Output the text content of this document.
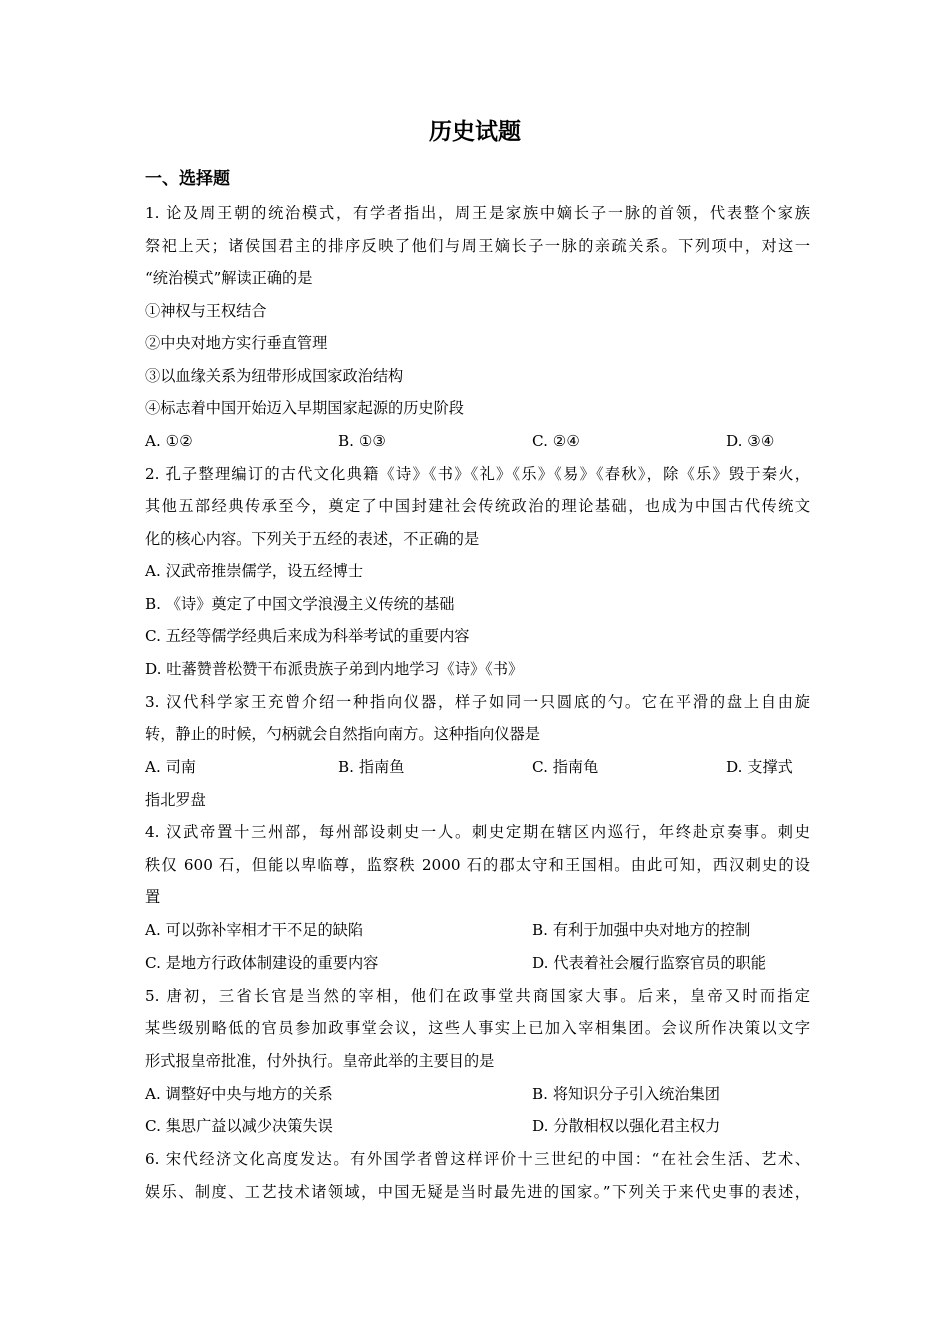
历史试题
一、选择题
1. 论及周王朝的统治模式，有学者指出，周王是家族中嫡长子一脉的首领，代表整个家族
祭祀上天；诸侯国君主的排序反映了他们与周王嫡长子一脉的亲疏关系。下列项中，对这一
“统治模式”解读正确的是
①神权与王权结合
②中央对地方实行垂直管理
③以血缘关系为纽带形成国家政治结构
④标志着中国开始迈入早期国家起源的历史阶段
A. ①②	B. ①③	C. ②④	D. ③④
2. 孔子整理编订的古代文化典籍《诗》《书》《礼》《乐》《易》《春秋》，除《乐》毁于秦火，
其他五部经典传承至今，奠定了中国封建社会传统政治的理论基础，也成为中国古代传统文
化的核心内容。下列关于五经的表述，不正确的是
A. 汉武帝推崇儒学，设五经博士
B. 《诗》奠定了中国文学浪漫主义传统的基础
C. 五经等儒学经典后来成为科举考试的重要内容
D. 吐蕃赞普松赞干布派贵族子弟到内地学习《诗》《书》
3. 汉代科学家王充曾介绍一种指向仪器，样子如同一只圆底的勺。它在平滑的盘上自由旋
转，静止的时候，勺柄就会自然指向南方。这种指向仪器是
A. 司南	B. 指南鱼	C. 指南龟	D. 支撑式
指北罗盘
4. 汉武帝置十三州部，每州部设刺史一人。刺史定期在辖区内巡行，年终赴京奏事。刺史
秩仅 600 石，但能以卑临尊，监察秩 2000 石的郡太守和王国相。由此可知，西汉刺史的设
置
A. 可以弥补宰相才干不足的缺陷	B. 有利于加强中央对地方的控制
C. 是地方行政体制建设的重要内容	D. 代表着社会履行监察官员的职能
5. 唐初，三省长官是当然的宰相，他们在政事堂共商国家大事。后来，皇帝又时而指定
某些级别略低的官员参加政事堂会议，这些人事实上已加入宰相集团。会议所作决策以文字
形式报皇帝批准，付外执行。皇帝此举的主要目的是
A. 调整好中央与地方的关系	B. 将知识分子引入统治集团
C. 集思广益以减少决策失误	D. 分散相权以强化君主权力
6. 宋代经济文化高度发达。有外国学者曾这样评价十三世纪的中国：“在社会生活、艺术、
娱乐、制度、工艺技术诸领域，中国无疑是当时最先进的国家。”下列关于来代史事的表述，
